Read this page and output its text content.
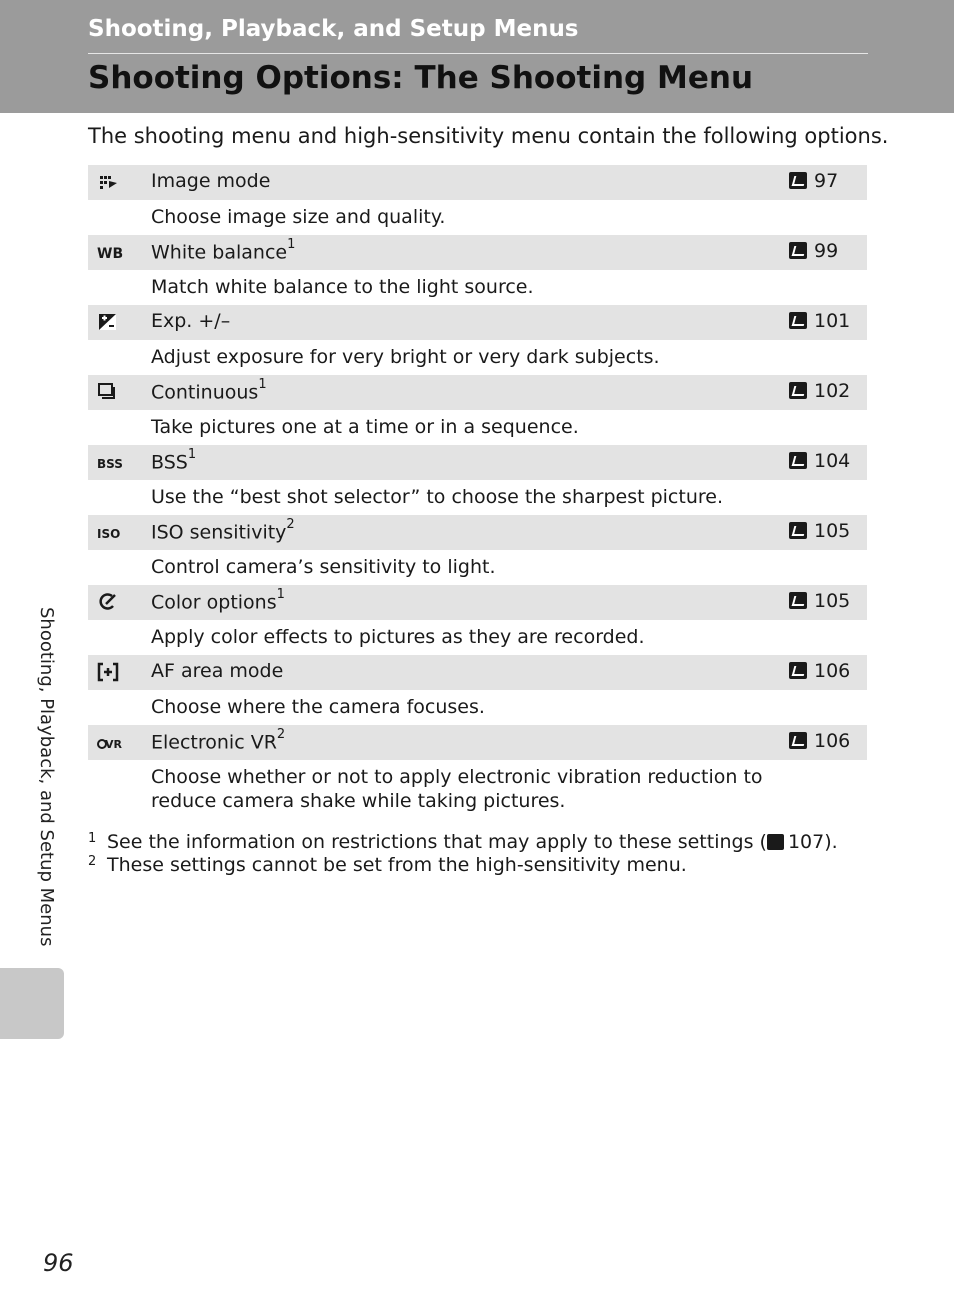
Shooting, Playback, and Setup Menus
Shooting Options: The Shooting Menu
The shooting menu and high-sensitivity menu contain the following options.
Image mode	97
Choose image size and quality.
WB White balance$^1$	99
Match white balance to the light source.
Exp. +/–	101
Adjust exposure for very bright or very dark subjects.
Continuous$^1$	102
Take pictures one at a time or in a sequence.
BSS BSS$^1$	104
Use the “best shot selector” to choose the sharpest picture.
ISO ISO sensitivity$^2$	105
Control camera’s sensitivity to light.
Color options$^1$	105
Apply color effects to pictures as they are recorded.
AF area mode	106
Choose where the camera focuses.
VR Electronic $VR^2$	106
Choose whether or not to apply electronic vibration reduction to reduce camera shake while taking pictures.
1 See the information on restrictions that may apply to these settings ( 107).
2 These settings cannot be set from the high-sensitivity menu.
Shooting, Playback, and Setup Menus
96
